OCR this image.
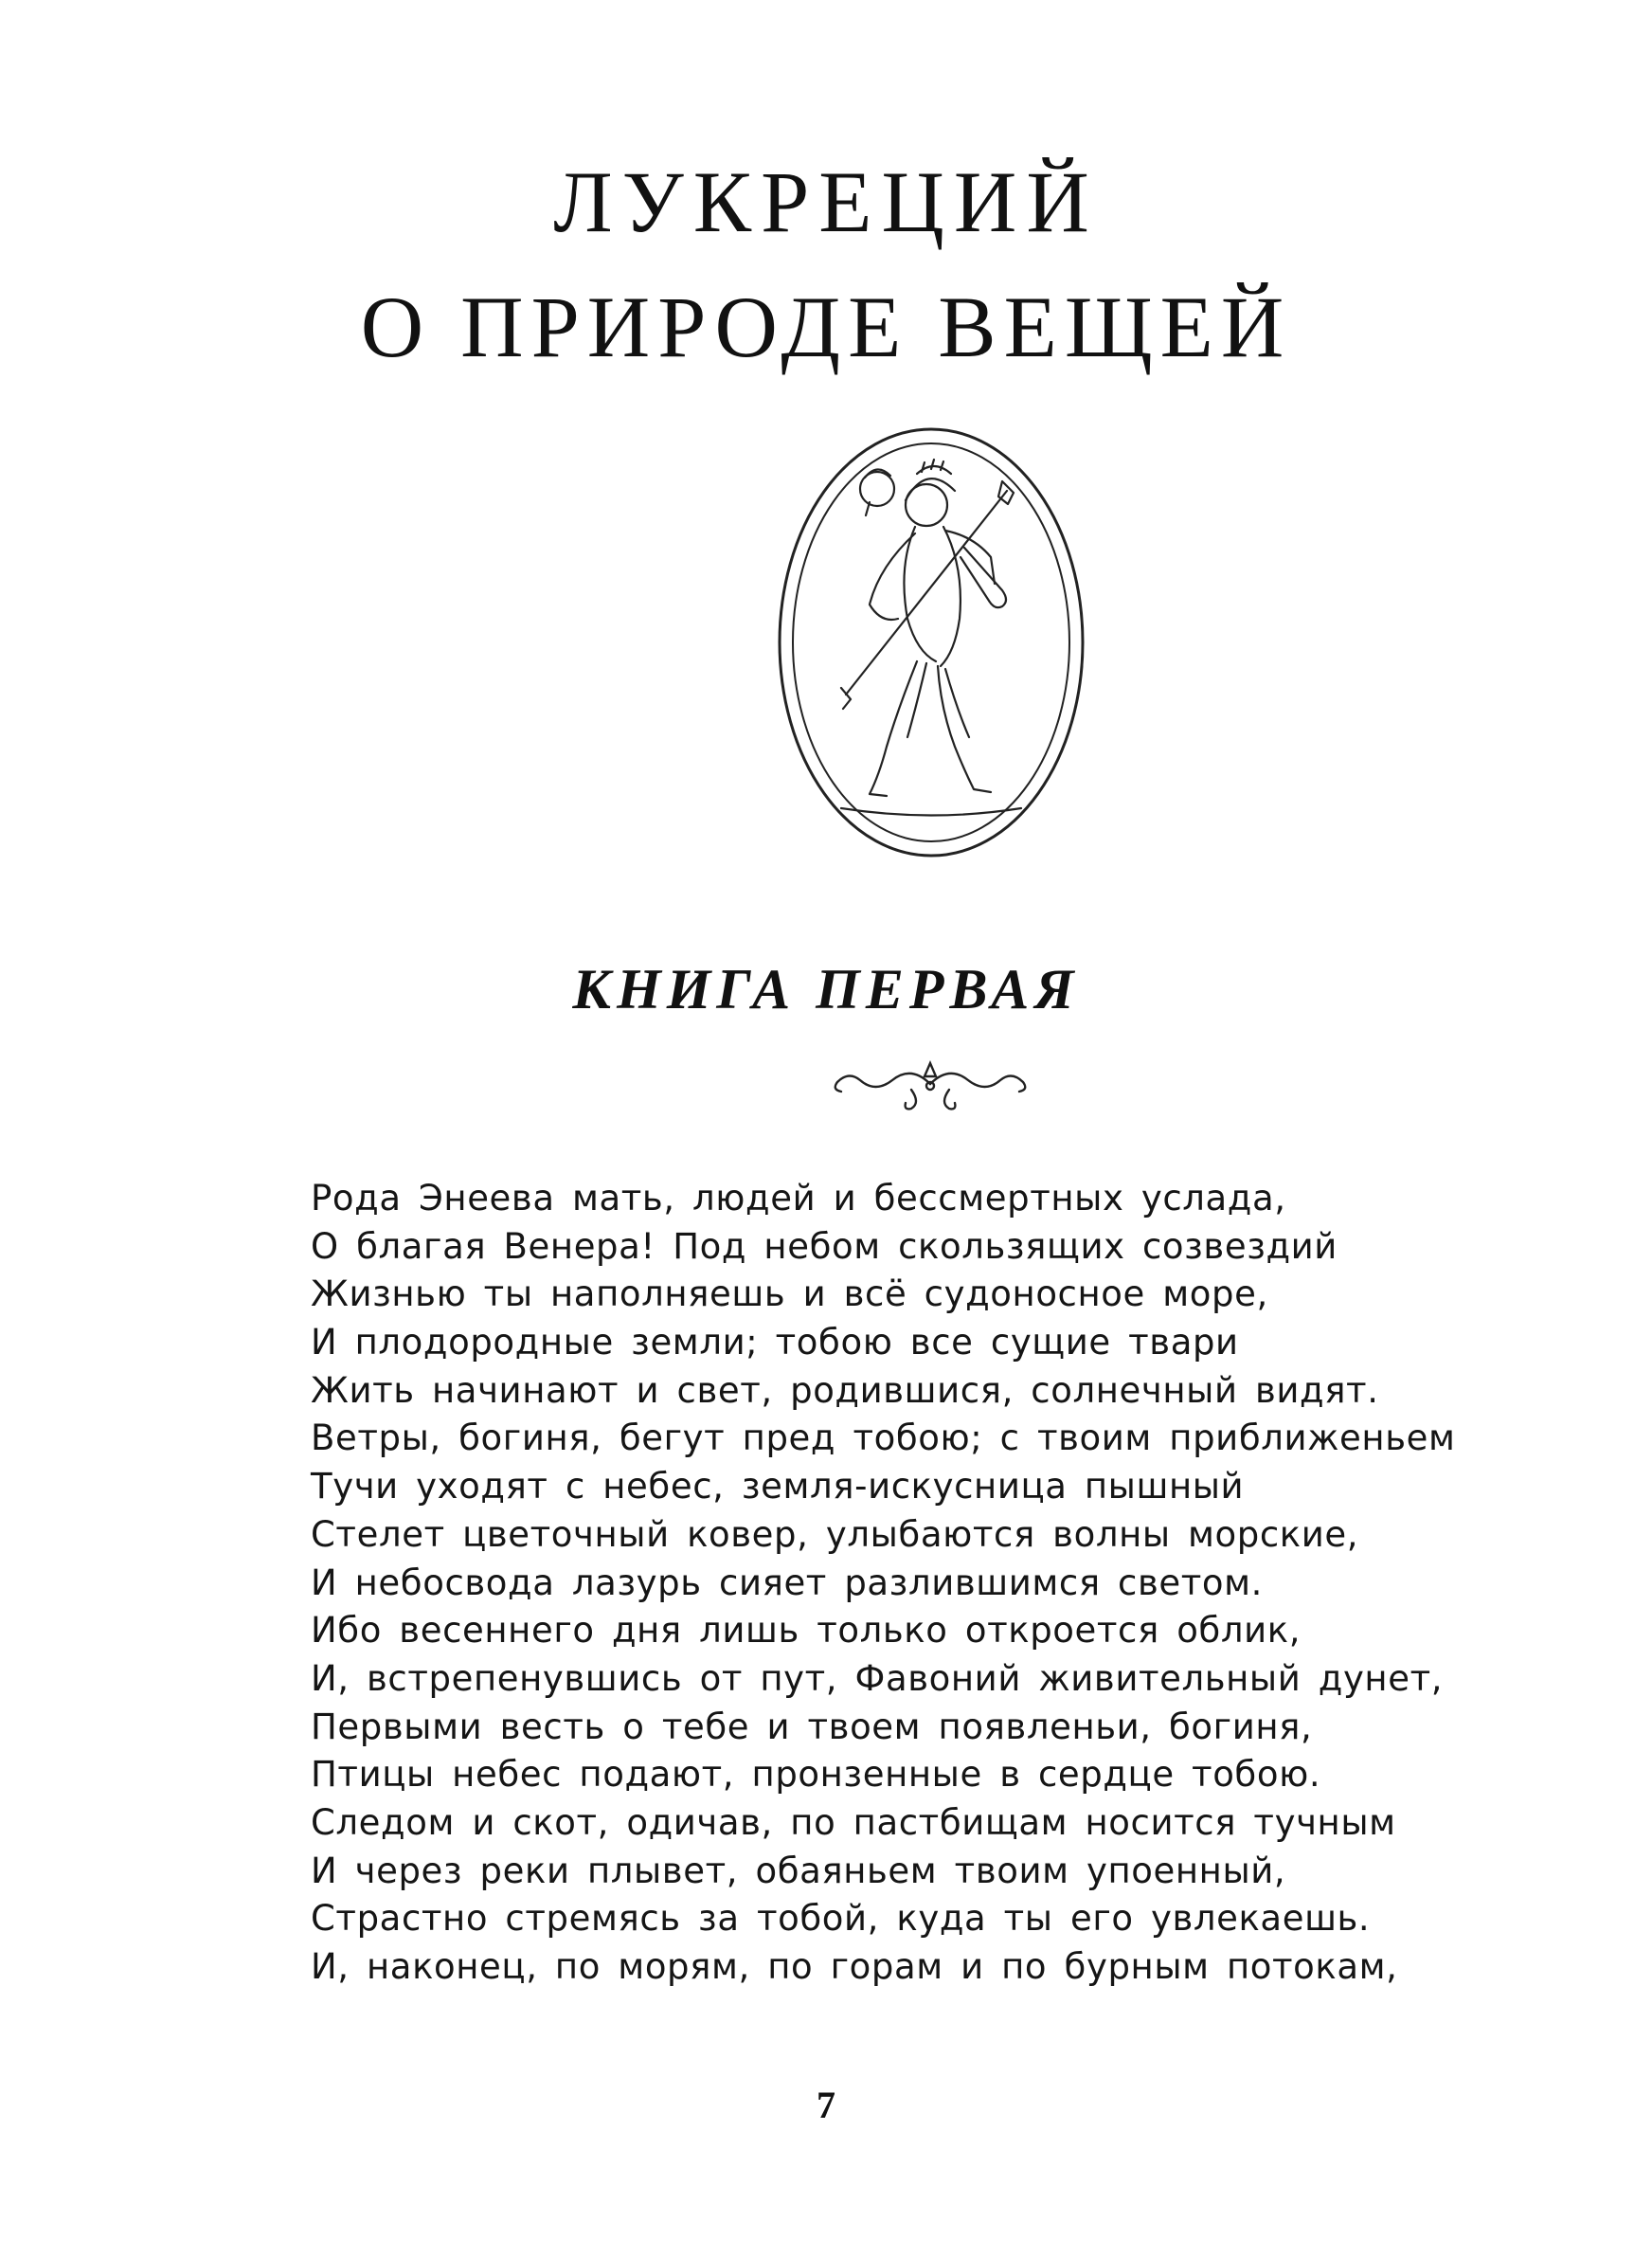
ЛУКРЕЦИЙ
О ПРИРОДЕ ВЕЩЕЙ
КНИГА ПЕРВАЯ
Рода Энеева мать, людей и бессмертных услада,
О благая Венера! Под небом скользящих созвездий
Жизнью ты наполняешь и всё судоносное море,
И плодородные земли; тобою все сущие твари
Жить начинают и свет, родившися, солнечный видят.
Ветры, богиня, бегут пред тобою; с твоим приближеньем
Тучи уходят с небес, земля-искусница пышный
Стелет цветочный ковер, улыбаются волны морские,
И небосвода лазурь сияет разлившимся светом.
Ибо весеннего дня лишь только откроется облик,
И, встрепенувшись от пут, Фавоний живительный дунет,
Первыми весть о тебе и твоем появленьи, богиня,
Птицы небес подают, пронзенные в сердце тобою.
Следом и скот, одичав, по пастбищам носится тучным
И через реки плывет, обаяньем твоим упоенный,
Страстно стремясь за тобой, куда ты его увлекаешь.
И, наконец, по морям, по горам и по бурным потокам,

7
